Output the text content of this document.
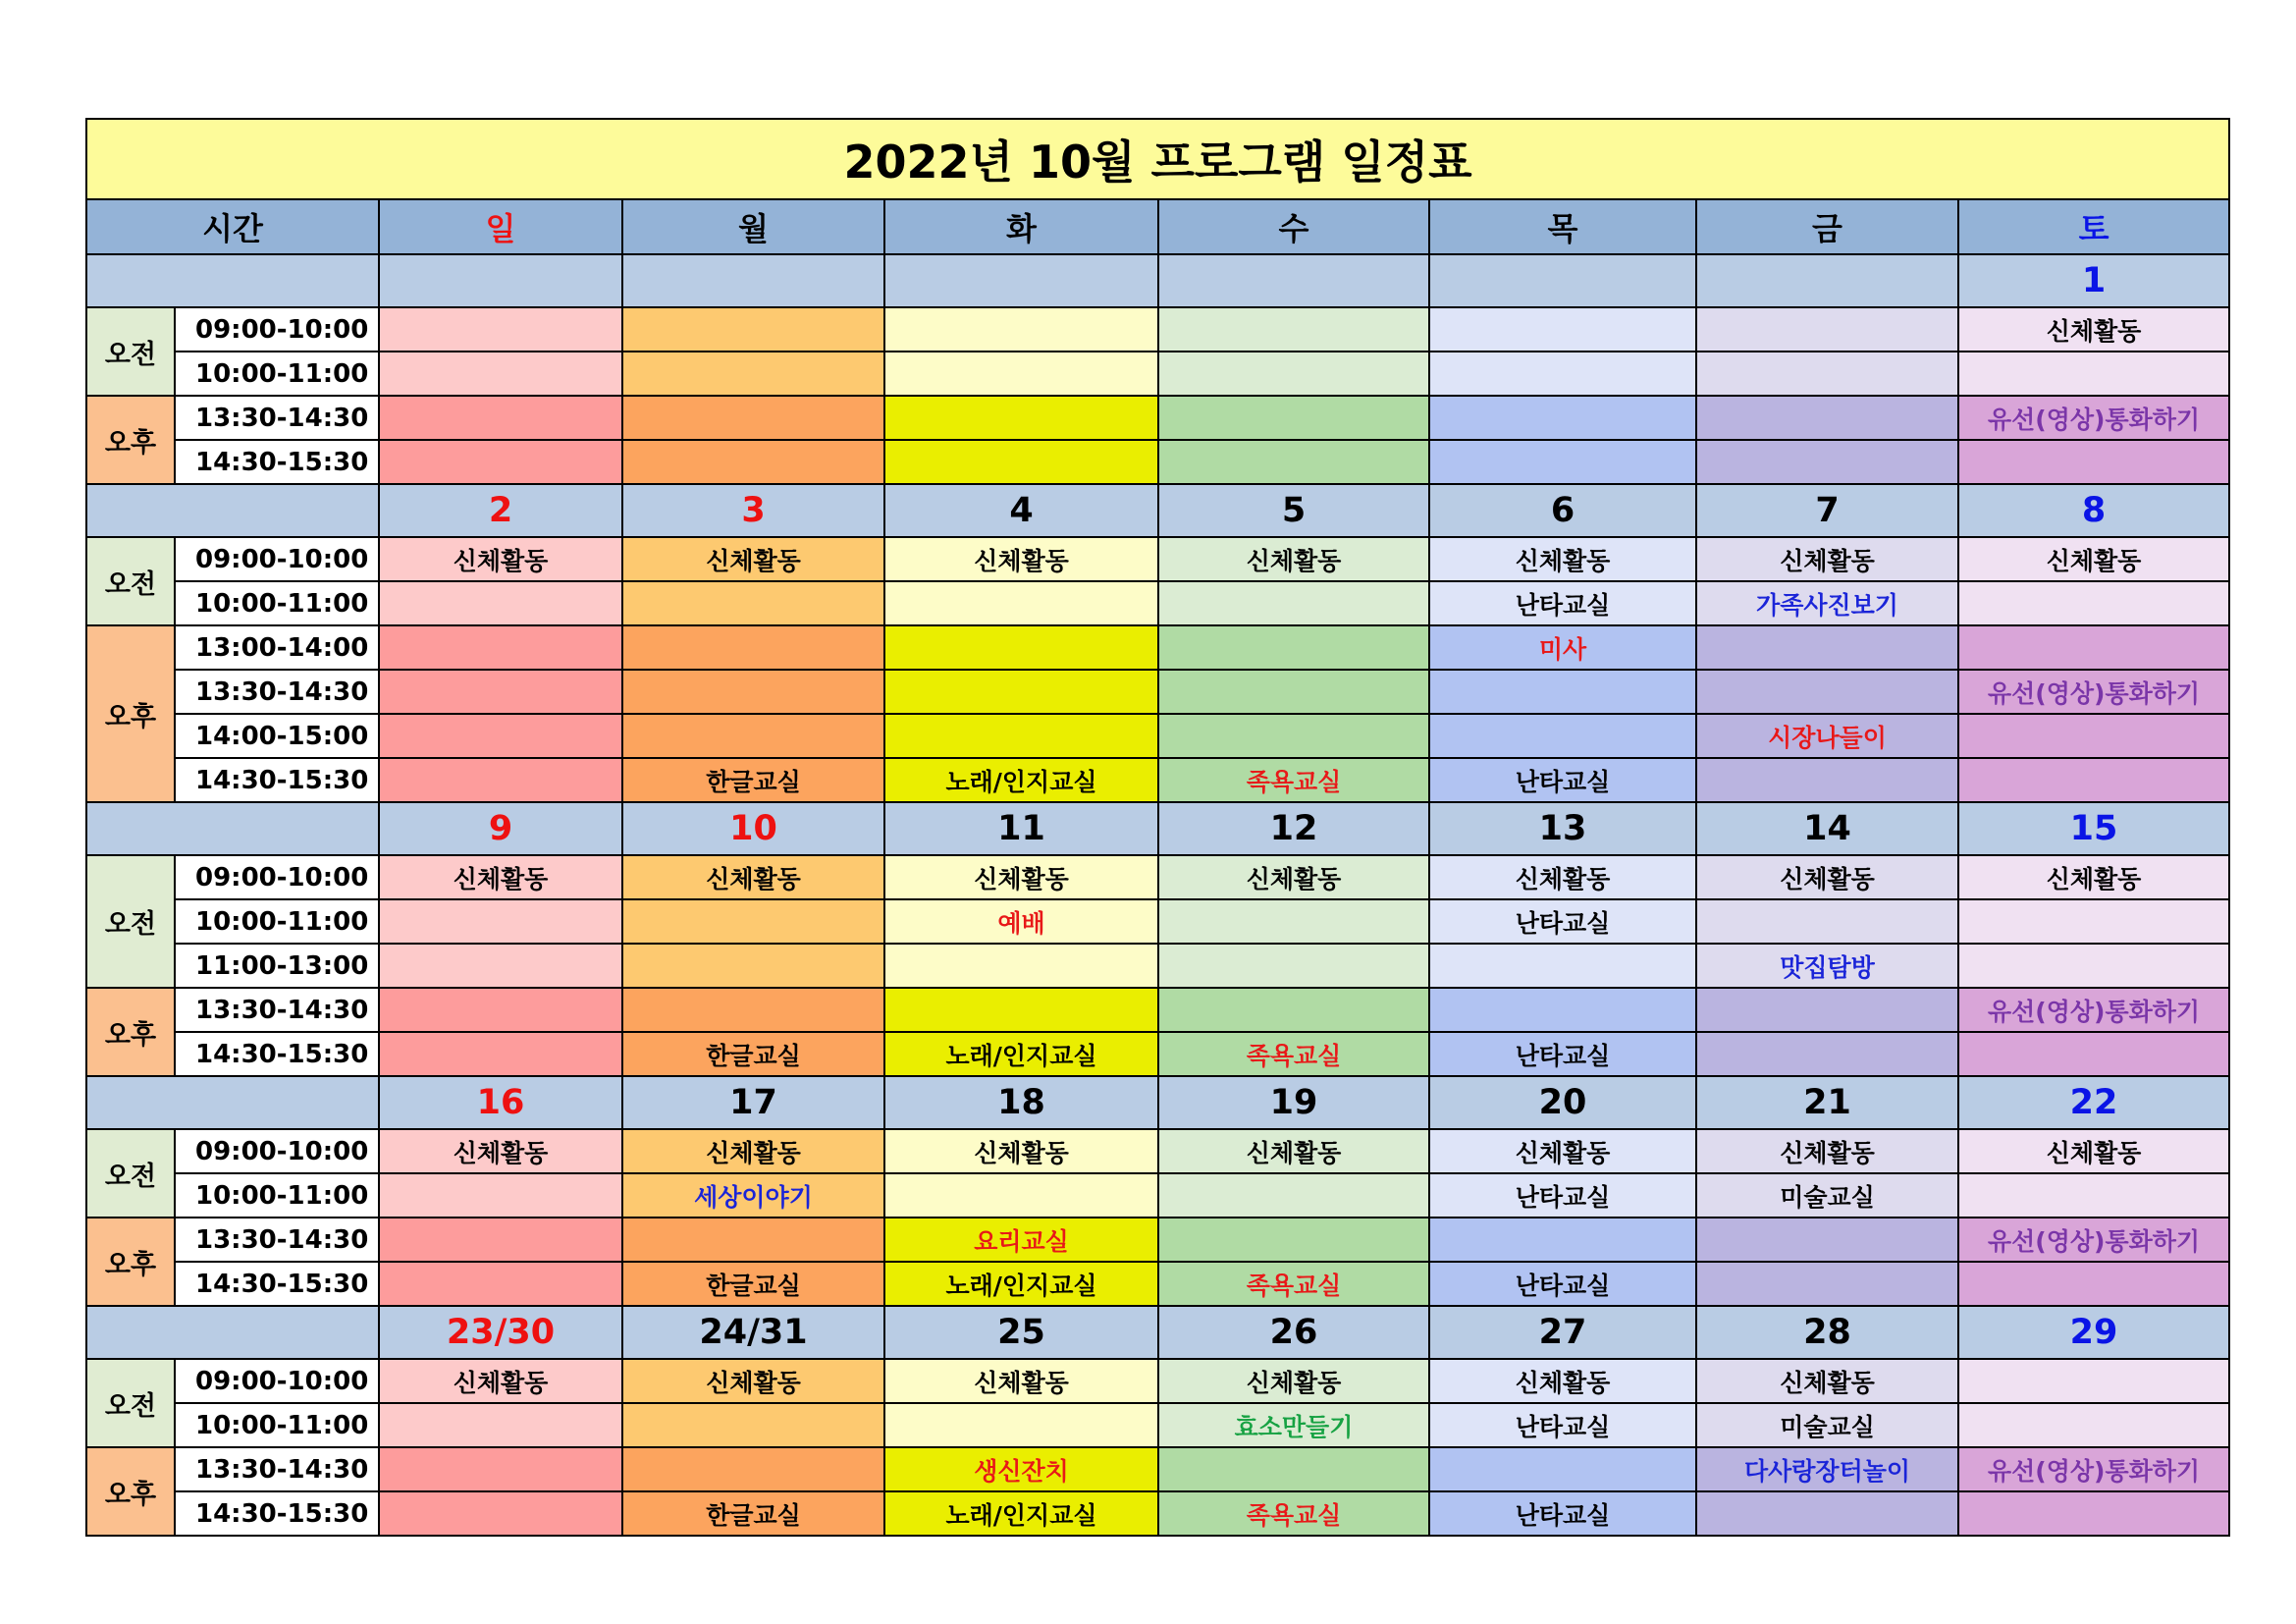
2022년 10월 프로그램 일정표								
시간		일	월	화	수	목	금	토
								1
오전	09:00-10:00							신체활동
	10:00-11:00							
오후	13:30-14:30							유선(영상)통화하기
	14:30-15:30							
		2	3	4	5	6	7	8
오전	09:00-10:00	신체활동	신체활동	신체활동	신체활동	신체활동	신체활동	신체활동
	10:00-11:00					난타교실	가족사진보기	
오후	13:00-14:00					미사		
	13:30-14:30							유선(영상)통화하기
	14:00-15:00						시장나들이	
	14:30-15:30		한글교실	노래/인지교실	족욕교실	난타교실		
		9	10	11	12	13	14	15
오전	09:00-10:00	신체활동	신체활동	신체활동	신체활동	신체활동	신체활동	신체활동
	10:00-11:00			예배		난타교실		
	11:00-13:00						맛집탐방	
오후	13:30-14:30							유선(영상)통화하기
	14:30-15:30		한글교실	노래/인지교실	족욕교실	난타교실		
		16	17	18	19	20	21	22
오전	09:00-10:00	신체활동	신체활동	신체활동	신체활동	신체활동	신체활동	신체활동
	10:00-11:00		세상이야기			난타교실	미술교실	
오후	13:30-14:30			요리교실				유선(영상)통화하기
	14:30-15:30		한글교실	노래/인지교실	족욕교실	난타교실		
		23/30	24/31	25	26	27	28	29
오전	09:00-10:00	신체활동	신체활동	신체활동	신체활동	신체활동	신체활동	
	10:00-11:00				효소만들기	난타교실	미술교실	
오후	13:30-14:30			생신잔치			다사랑장터놀이	유선(영상)통화하기
	14:30-15:30		한글교실	노래/인지교실	족욕교실	난타교실		
